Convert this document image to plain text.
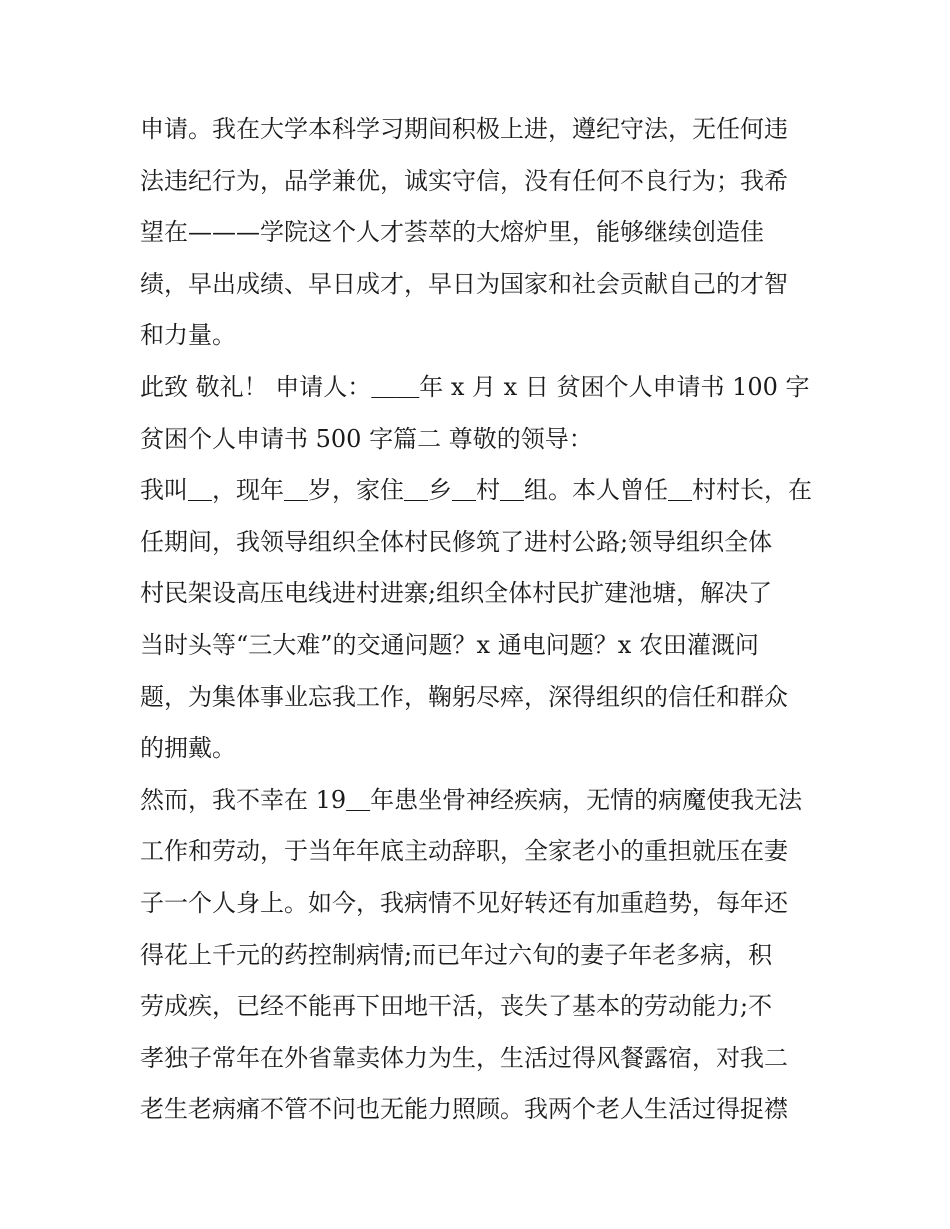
申请。我在大学本科学习期间积极上进，遵纪守法，无任何违
法违纪行为，品学兼优，诚实守信，没有任何不良行为；我希
望在———学院这个人才荟萃的大熔炉里，能够继续创造佳
绩，早出成绩、早日成才，早日为国家和社会贡献自己的才智
和力量。
此致 敬礼！ 申请人：＿＿年 x 月 x 日 贫困个人申请书 100 字
贫困个人申请书 500 字篇二 尊敬的领导：
我叫＿，现年＿岁，家住＿乡＿村＿组。本人曾任＿村村长，在
任期间，我领导组织全体村民修筑了进村公路;领导组织全体
村民架设高压电线进村进寨;组织全体村民扩建池塘，解决了
当时头等“三大难”的交通问题？x 通电问题？x 农田灌溉问
题，为集体事业忘我工作，鞠躬尽瘁，深得组织的信任和群众
的拥戴。
然而，我不幸在 19＿年患坐骨神经疾病，无情的病魔使我无法
工作和劳动，于当年年底主动辞职，全家老小的重担就压在妻
子一个人身上。如今，我病情不见好转还有加重趋势，每年还
得花上千元的药控制病情;而已年过六旬的妻子年老多病，积
劳成疾，已经不能再下田地干活，丧失了基本的劳动能力;不
孝独子常年在外省靠卖体力为生，生活过得风餐露宿，对我二
老生老病痛不管不问也无能力照顾。我两个老人生活过得捉襟
